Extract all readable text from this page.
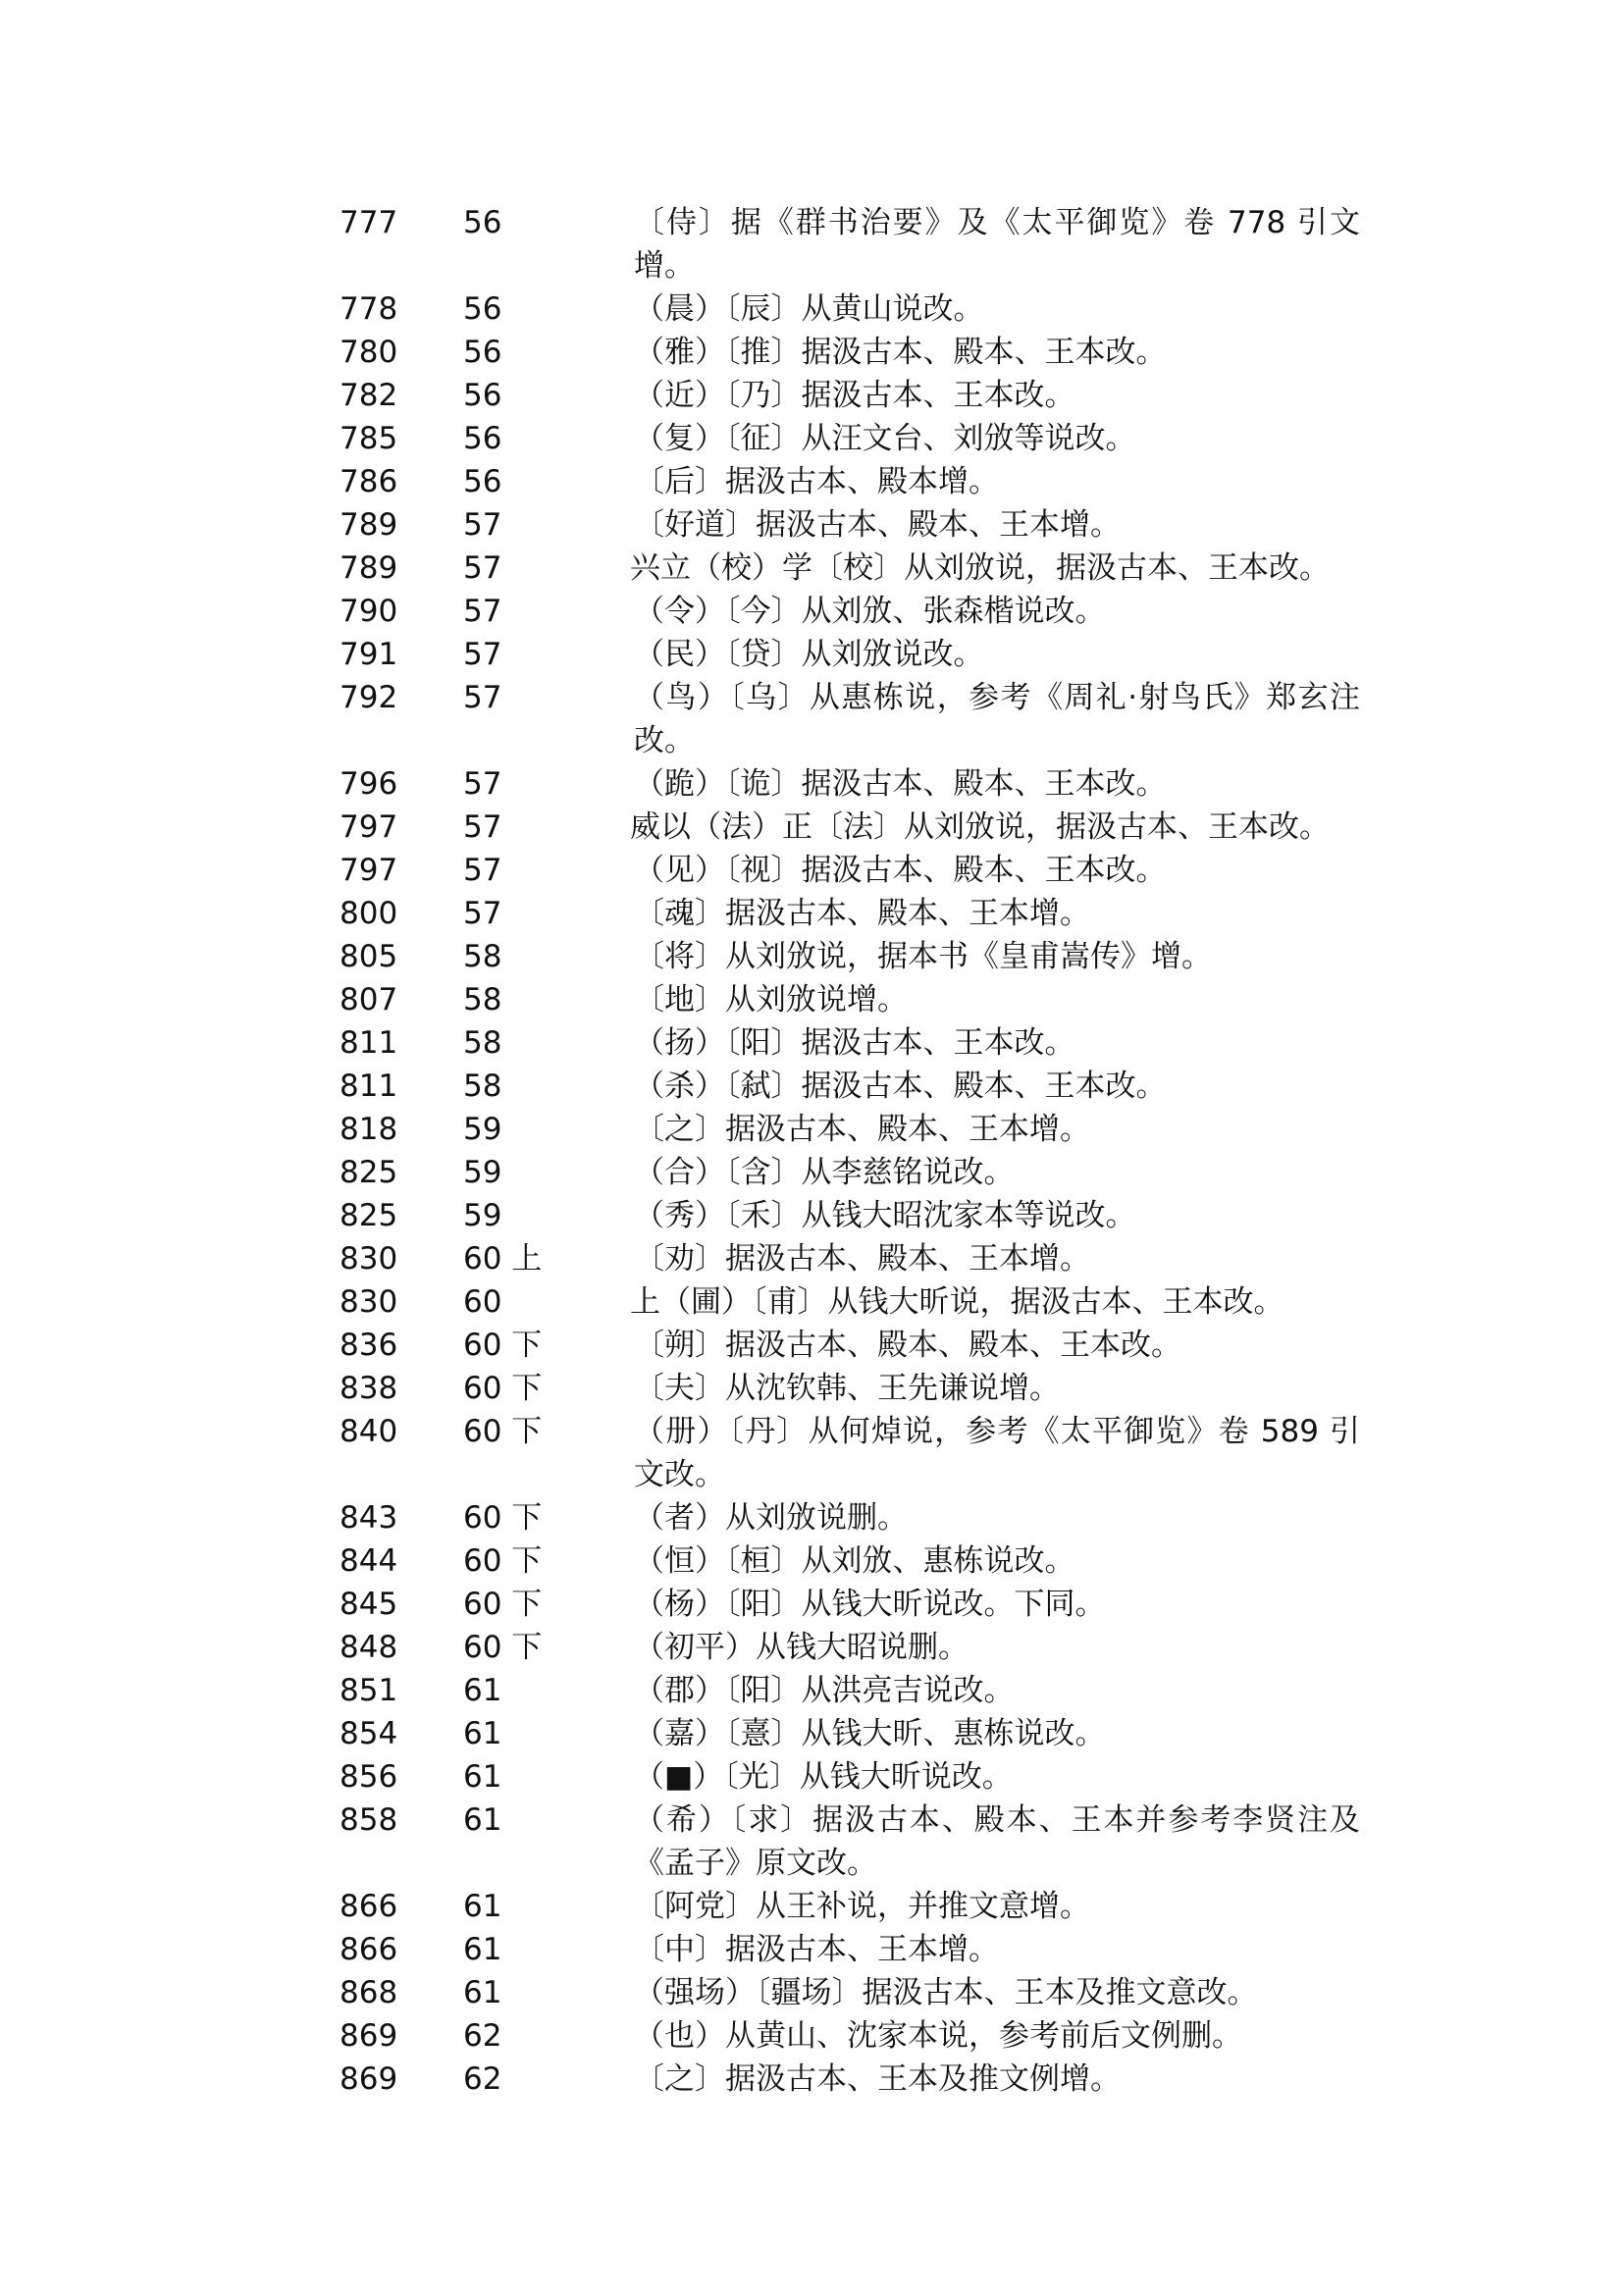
777	56	〔侍〕据《群书治要》及《太平御览》卷 778 引文增。
778	56	（晨）〔辰〕从黄山说改。
780	56	（雅）〔推〕据汲古本、殿本、王本改。
782	56	（近）〔乃〕据汲古本、王本改。
785	56	（复）〔征〕从汪文台、刘攽等说改。
786	56	〔后〕据汲古本、殿本增。
789	57	〔好道〕据汲古本、殿本、王本增。
789	57	兴立（校）学〔校〕从刘攽说，据汲古本、王本改。
790	57	（令）〔今〕从刘攽、张森楷说改。
791	57	（民）〔贷〕从刘攽说改。
792	57	（鸟）〔乌〕从惠栋说，参考《周礼·射鸟氏》郑玄注改。
796	57	（跪）〔诡〕据汲古本、殿本、王本改。
797	57	威以（法）正〔法〕从刘攽说，据汲古本、王本改。
797	57	（见）〔视〕据汲古本、殿本、王本改。
800	57	〔魂〕据汲古本、殿本、王本增。
805	58	〔将〕从刘攽说，据本书《皇甫嵩传》增。
807	58	〔地〕从刘攽说增。
811	58	（扬）〔阳〕据汲古本、王本改。
811	58	（杀）〔弑〕据汲古本、殿本、王本改。
818	59	〔之〕据汲古本、殿本、王本增。
825	59	（合）〔含〕从李慈铭说改。
825	59	（秀）〔禾〕从钱大昭沈家本等说改。
830	60 上	〔劝〕据汲古本、殿本、王本增。
830	60	上（圃）〔甫〕从钱大昕说，据汲古本、王本改。
836	60 下	〔朔〕据汲古本、殿本、殿本、王本改。
838	60 下	〔夫〕从沈钦韩、王先谦说增。
840	60 下	（册）〔丹〕从何焯说，参考《太平御览》卷 589 引文改。
843	60 下	（者）从刘攽说删。
844	60 下	（恒）〔桓〕从刘攽、惠栋说改。
845	60 下	（杨）〔阳〕从钱大昕说改。下同。
848	60 下	（初平）从钱大昭说删。
851	61	（郡）〔阳〕从洪亮吉说改。
854	61	（嘉）〔憙〕从钱大昕、惠栋说改。
856	61	（■）〔光〕从钱大昕说改。
858	61	（希）〔求〕据汲古本、殿本、王本并参考李贤注及《孟子》原文改。
866	61	〔阿党〕从王补说，并推文意增。
866	61	〔中〕据汲古本、王本增。
868	61	（强场）〔疆场〕据汲古本、王本及推文意改。
869	62	（也）从黄山、沈家本说，参考前后文例删。
869	62	〔之〕据汲古本、王本及推文例增。
